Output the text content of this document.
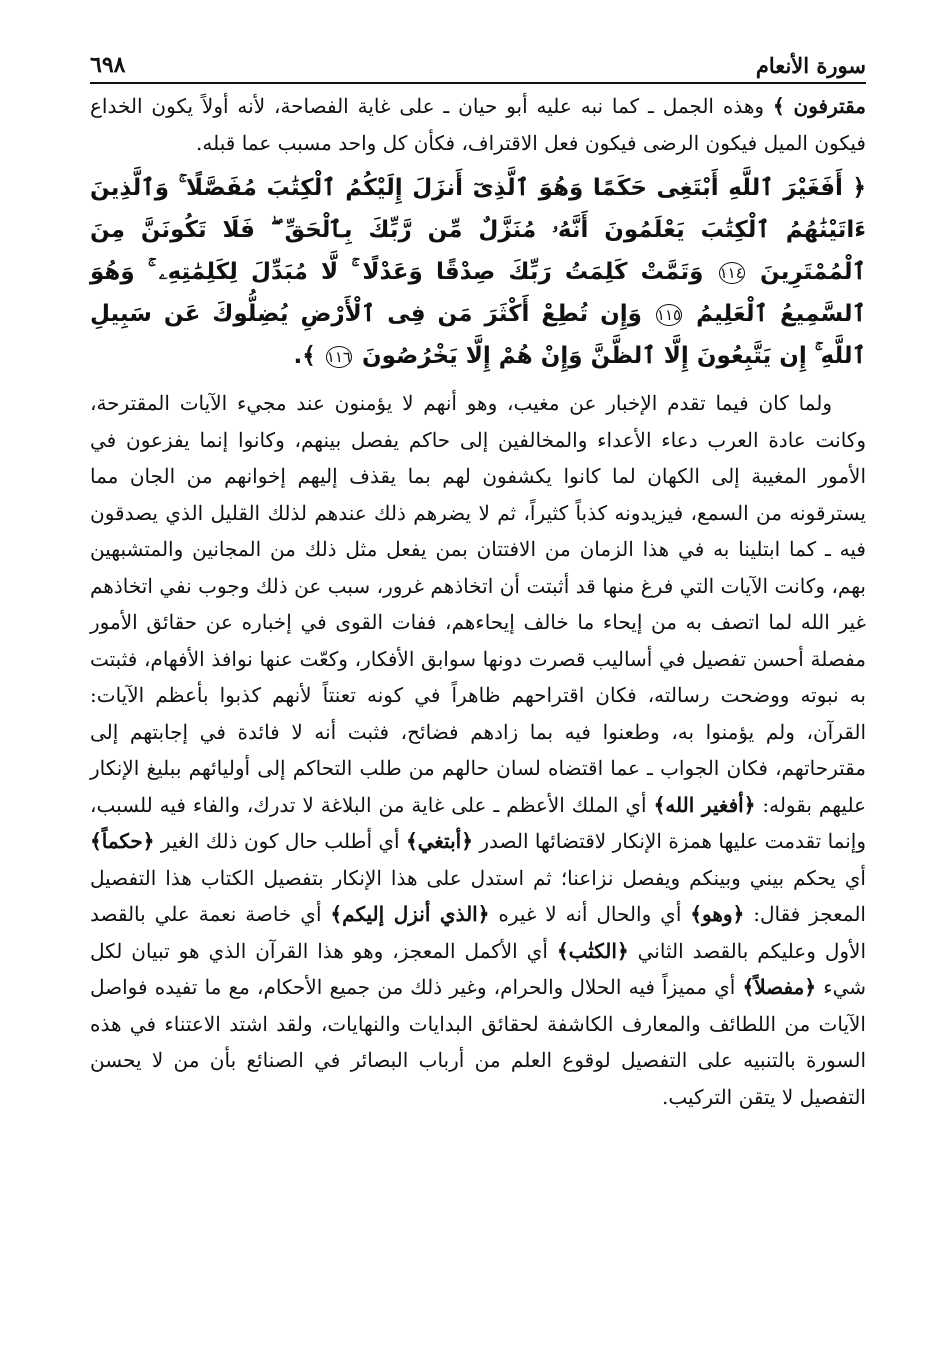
سورة الأنعام
٦٩٨

مقترفون ﴾ وهذه الجمل ـ كما نبه عليه أبو حيان ـ على غاية الفصاحة، لأنه أولاً يكون الخداع فيكون الميل فيكون الرضى فيكون فعل الاقتراف، فكأن كل واحد مسبب عما قبله.

﴿ أَفَغَيْرَ ٱللَّهِ أَبْتَغِى حَكَمًا وَهُوَ ٱلَّذِىٓ أَنزَلَ إِلَيْكُمُ ٱلْكِتَٰبَ مُفَصَّلًا ۚ وَٱلَّذِينَ ءَاتَيْنَٰهُمُ ٱلْكِتَٰبَ يَعْلَمُونَ أَنَّهُۥ مُنَزَّلٌ مِّن رَّبِّكَ بِٱلْحَقِّ ۖ فَلَا تَكُونَنَّ مِنَ ٱلْمُمْتَرِينَ ١١٤ وَتَمَّتْ كَلِمَتُ رَبِّكَ صِدْقًا وَعَدْلًا ۚ لَّا مُبَدِّلَ لِكَلِمَٰتِهِۦ ۚ وَهُوَ ٱلسَّمِيعُ ٱلْعَلِيمُ ١١٥ وَإِن تُطِعْ أَكْثَرَ مَن فِى ٱلْأَرْضِ يُضِلُّوكَ عَن سَبِيلِ ٱللَّهِ ۚ إِن يَتَّبِعُونَ إِلَّا ٱلظَّنَّ وَإِنْ هُمْ إِلَّا يَخْرُصُونَ ١١٦ ﴾.

ولما كان فيما تقدم الإخبار عن مغيب، وهو أنهم لا يؤمنون عند مجيء الآيات المقترحة، وكانت عادة العرب دعاء الأعداء والمخالفين إلى حاكم يفصل بينهم، وكانوا إنما يفزعون في الأمور المغيبة إلى الكهان لما كانوا يكشفون لهم بما يقذف إليهم إخوانهم من الجان مما يسترقونه من السمع، فيزيدونه كذباً كثيراً، ثم لا يضرهم ذلك عندهم لذلك القليل الذي يصدقون فيه ـ كما ابتلينا به في هذا الزمان من الافتتان بمن يفعل مثل ذلك من المجانين والمتشبهين بهم، وكانت الآيات التي فرغ منها قد أثبتت أن اتخاذهم غرور، سبب عن ذلك وجوب نفي اتخاذهم غير الله لما اتصف به من إيحاء ما خالف إيحاءهم، ففات القوى في إخباره عن حقائق الأمور مفصلة أحسن تفصيل في أساليب قصرت دونها سوابق الأفكار، وكعّت عنها نوافذ الأفهام، فثبتت به نبوته ووضحت رسالته، فكان اقتراحهم ظاهراً في كونه تعنتاً لأنهم كذبوا بأعظم الآيات: القرآن، ولم يؤمنوا به، وطعنوا فيه بما زادهم فضائح، فثبت أنه لا فائدة في إجابتهم إلى مقترحاتهم، فكان الجواب ـ عما اقتضاه لسان حالهم من طلب التحاكم إلى أوليائهم ببليغ الإنكار عليهم بقوله: ﴿أفغير الله﴾ أي الملك الأعظم ـ على غاية من البلاغة لا تدرك، والفاء فيه للسبب، وإنما تقدمت عليها همزة الإنكار لاقتضائها الصدر ﴿أبتغي﴾ أي أطلب حال كون ذلك الغير ﴿حكماً﴾ أي يحكم بيني وبينكم ويفصل نزاعنا؛ ثم استدل على هذا الإنكار بتفصيل الكتاب هذا التفصيل المعجز فقال: ﴿وهو﴾ أي والحال أنه لا غيره ﴿الذي أنزل إليكم﴾ أي خاصة نعمة علي بالقصد الأول وعليكم بالقصد الثاني ﴿الكتٰب﴾ أي الأكمل المعجز، وهو هذا القرآن الذي هو تبيان لكل شيء ﴿مفصلاً﴾ أي مميزاً فيه الحلال والحرام، وغير ذلك من جميع الأحكام، مع ما تفيده فواصل الآيات من اللطائف والمعارف الكاشفة لحقائق البدايات والنهايات، ولقد اشتد الاعتناء في هذه السورة بالتنبيه على التفصيل لوقوع العلم من أرباب البصائر في الصنائع بأن من لا يحسن التفصيل لا يتقن التركيب.
